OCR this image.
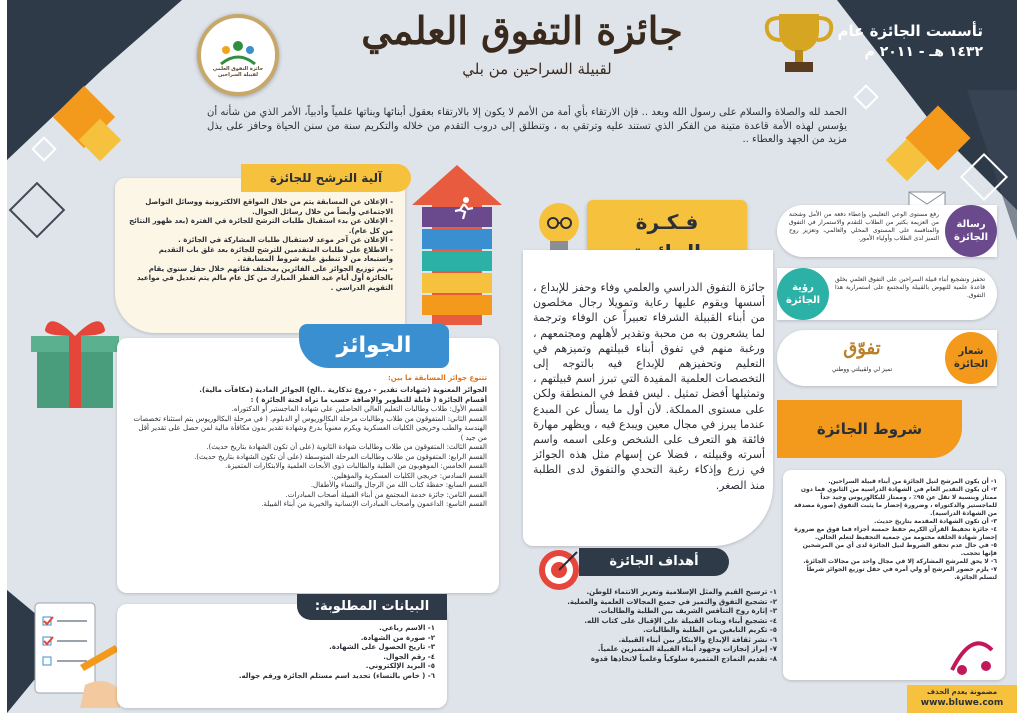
تأسست الجائزة عام
١٤٣٢ هـ - ٢٠١١ م
جائزة التفوق العلمي
لقبيلة السراحين من بلي
جائزة التفوق العلمي لقبيلة السراحين
الحمد لله والصلاة والسلام على رسول الله وبعد .. فإن الارتقاء بأي أمة من الأمم لا يكون إلا بالارتقاء بعقول أبنائها وبناتها علمياً وأدبياً، الأمر الذي من شأنه أن يؤسس لهذه الأمة قاعدة متينة من الفكر الذي تستند عليه وترتقي به ، وتنطلق إلى دروب التقدم من خلاله والتكريم سنة من سنن الحياة وحافز على بذل مزيد من الجهد والعطاء ..
آلية الترشح للجائزة
- الإعلان عن المسابقة يتم من خلال المواقع الالكترونية ووسائل التواصل الاجتماعي وأيضاً من خلال رسائل الجوال.
- الإعلان عن بدء استقبال طلبات الترشح للجائزة في الفترة (بعد ظهور النتائج من كل عام).
- الإعلان عن آخر موعد لاستقبال طلبات المشاركة في الجائزة .
- الاطلاع على طلبات المتقدمين للترشح للجائزة بعد غلق باب التقديم واستبعاد من لا تنطبق عليه شروط المسابقة .
- يتم توزيع الجوائز على الفائزين بمختلف فئاتهم خلال حفل سنوي يقام بالجائزة أول أيام عيد الفطر المبارك من كل عام مالم يتم تعديل في مواعيد التقويم الدراسي .
الجوائز
تتنوع جوائز المسابقة ما بين:
الجوائز المعنوية (شهادات تقدير - دروع تذكارية ..الخ) الجوائز المادية (مكافآت مالية).
أقسام الجائزة ( قابلة للتطوير والإضافة حسب ما تراه لجنة الجائزة ) :
القسم الأول: طلاب وطالبات التعليم العالي الحاصلين على شهادة الماجستير أو الدكتوراه.
القسم الثاني: المتفوقون من طلاب وطالبات مرحلة البكالوريوس أو الدبلوم. ( في مرحلة البكالوريوس يتم استثناء تخصصات الهندسة والطب وخريجي الكليات العسكرية ويكرم معنوياً بدرع وشهادة تقدير بدون مكافأة مالية لمن حصل على تقدير أقل من جيد )
القسم الثالث: المتفوقون من طلاب وطالبات شهادة الثانوية (على أن تكون الشهادة بتاريخ حديث).
القسم الرابع: المتفوقون من طلاب وطالبات المرحلة المتوسطة (على أن تكون الشهادة بتاريخ حديث).
القسم الخامس: الموهوبون من الطلبة والطالبات ذوي الأبحاث العلمية والابتكارات المتميزة.
القسم السادس: خريجي الكليات العسكرية والمؤهلين.
القسم السابع: حفظة كتاب الله من الرجال والنساء والأطفال.
القسم الثامن: جائزة خدمة المجتمع من أبناء القبيلة أصحاب المبادرات.
القسم التاسع: الداعمون وأصحاب المبادرات الإنسانية والخيرية من أبناء القبيلة.
البيانات المطلوبة:
١- الاسم رباعي.
٢- صورة من الشهادة.
٣- تاريخ الحصول على الشهادة.
٤- رقم الجوال.
٥- البريد الإلكتروني.
٦- ( خاص بالنساء) تحديد اسم مستلم الجائزة ورقم جواله.
فـكـرة
جائزة التفوق الدراسي والعلمي وفاء وحفز للإبداع ، أسسها ويقوم عليها رعاية وتمويلا رجال مخلصون من أبناء القبيلة الشرفاء تعبيراً عن الوفاء وترجمة لما يشعرون به من محبة وتقدير لأهلهم ومجتمعهم ، ورغبة منهم في تفوق أبناء قبيلتهم وتميزهم في التعليم وتحفيزهم للإبداع فيه بالتوجه إلى التخصصات العلمية المفيدة التي تبرز اسم قبيلتهم ، وتمثيلها أفضل تمثيل . ليس فقط في المنطقة ولكن على مستوى المملكة. لأن أول ما يسأل عن المبدع عندما يبرز في مجال معين ويبدع فيه ، ويظهر مهارة فائقة هو التعرف على الشخص وعلى اسمه واسم أسرته وقبيلته ، فضلا عن إسهام مثل هذه الجوائز في زرع وإذكاء رغبة التحدي والتفوق لدى الطلبة منذ الصغر.
أهداف الجائزة
١- ترسيخ القيم والمثل الإسلامية وتعزيز الانتماء للوطن.
٢- تشجيع التفوق والتميز في جميع المجالات العلمية والعملية.
٣- إثارة روح التنافس الشريف بين الطلبة والطالبات.
٤- تشجيع أبناء وبنات القبيلة على الإقبال على كتاب الله.
٥- تكريم النابغين من الطلبة والطالبات.
٦- نشر ثقافة الإبداع والابتكار بين أبناء القبيلة.
٧- إبراز إنجازات وجهود أبناء القبيلة المتميزين علمياً.
٨- تقديم النماذج المتميزة سلوكياً وعلمياً لاتخاذها قدوة
رسالة الجائزة
رفع مستوى الوعي التعليمي وإعطاء دفعة من الأمل وشحنة من العزيمة بكثير من الطلاب للتقدم والاستمرار في التفوق والمنافسة على المستوى المحلي والعالمي، وتعزيز روح التميز لدى الطلاب وأولياء الأمور.
رؤية الجائزة
تحفيز وتشجيع أبناء قبيلة السراحين على التفوق العلمي بخلق قاعدة علمية للنهوض بالقبيلة والمجتمع على استمرارية هذا التفوق.
شعار الجائزة
تفوّق
تميز لي ولقبيلتي ووطني
شروط الجائزة
١- أن يكون المرشح لنيل الجائزة من أبناء قبيلة السراحين.
٢- أن يكون التقدير العام في الشهادة الدراسية من الثانوي فما دون ممتاز وبنسبة لا تقل عن ٩٥٪ ، وممتاز للبكالوريوس وجيد جداً للماجستير والدكتوراه ، وضرورة إحضار ما يثبت التفوق (صورة مصدقة من الشهادة الدراسية).
٣- أن تكون الشهادة المقدمة بتاريخ حديث.
٤- جائزة تحفيظ القرآن الكريم حفظ خمسة أجزاء فما فوق مع ضرورة إحضار شهادة الحلقة مختومة من جمعية التحفيظ لتعلم الحالي.
٥- في حال عدم تحقق الشروط لنيل الجائزة لدى أي من المرشحين فإنها تحجب.
٦- لا يحق للمرشح المشاركة إلا في مجال واحد من مجالات الجائزة.
٧- يلزم حضور المرشح أو ولي أمره في حفل توزيع الجوائز شرطاً لتسلم الجائزة.
مضمونة يعدم الحذف
www.bluwe.com
